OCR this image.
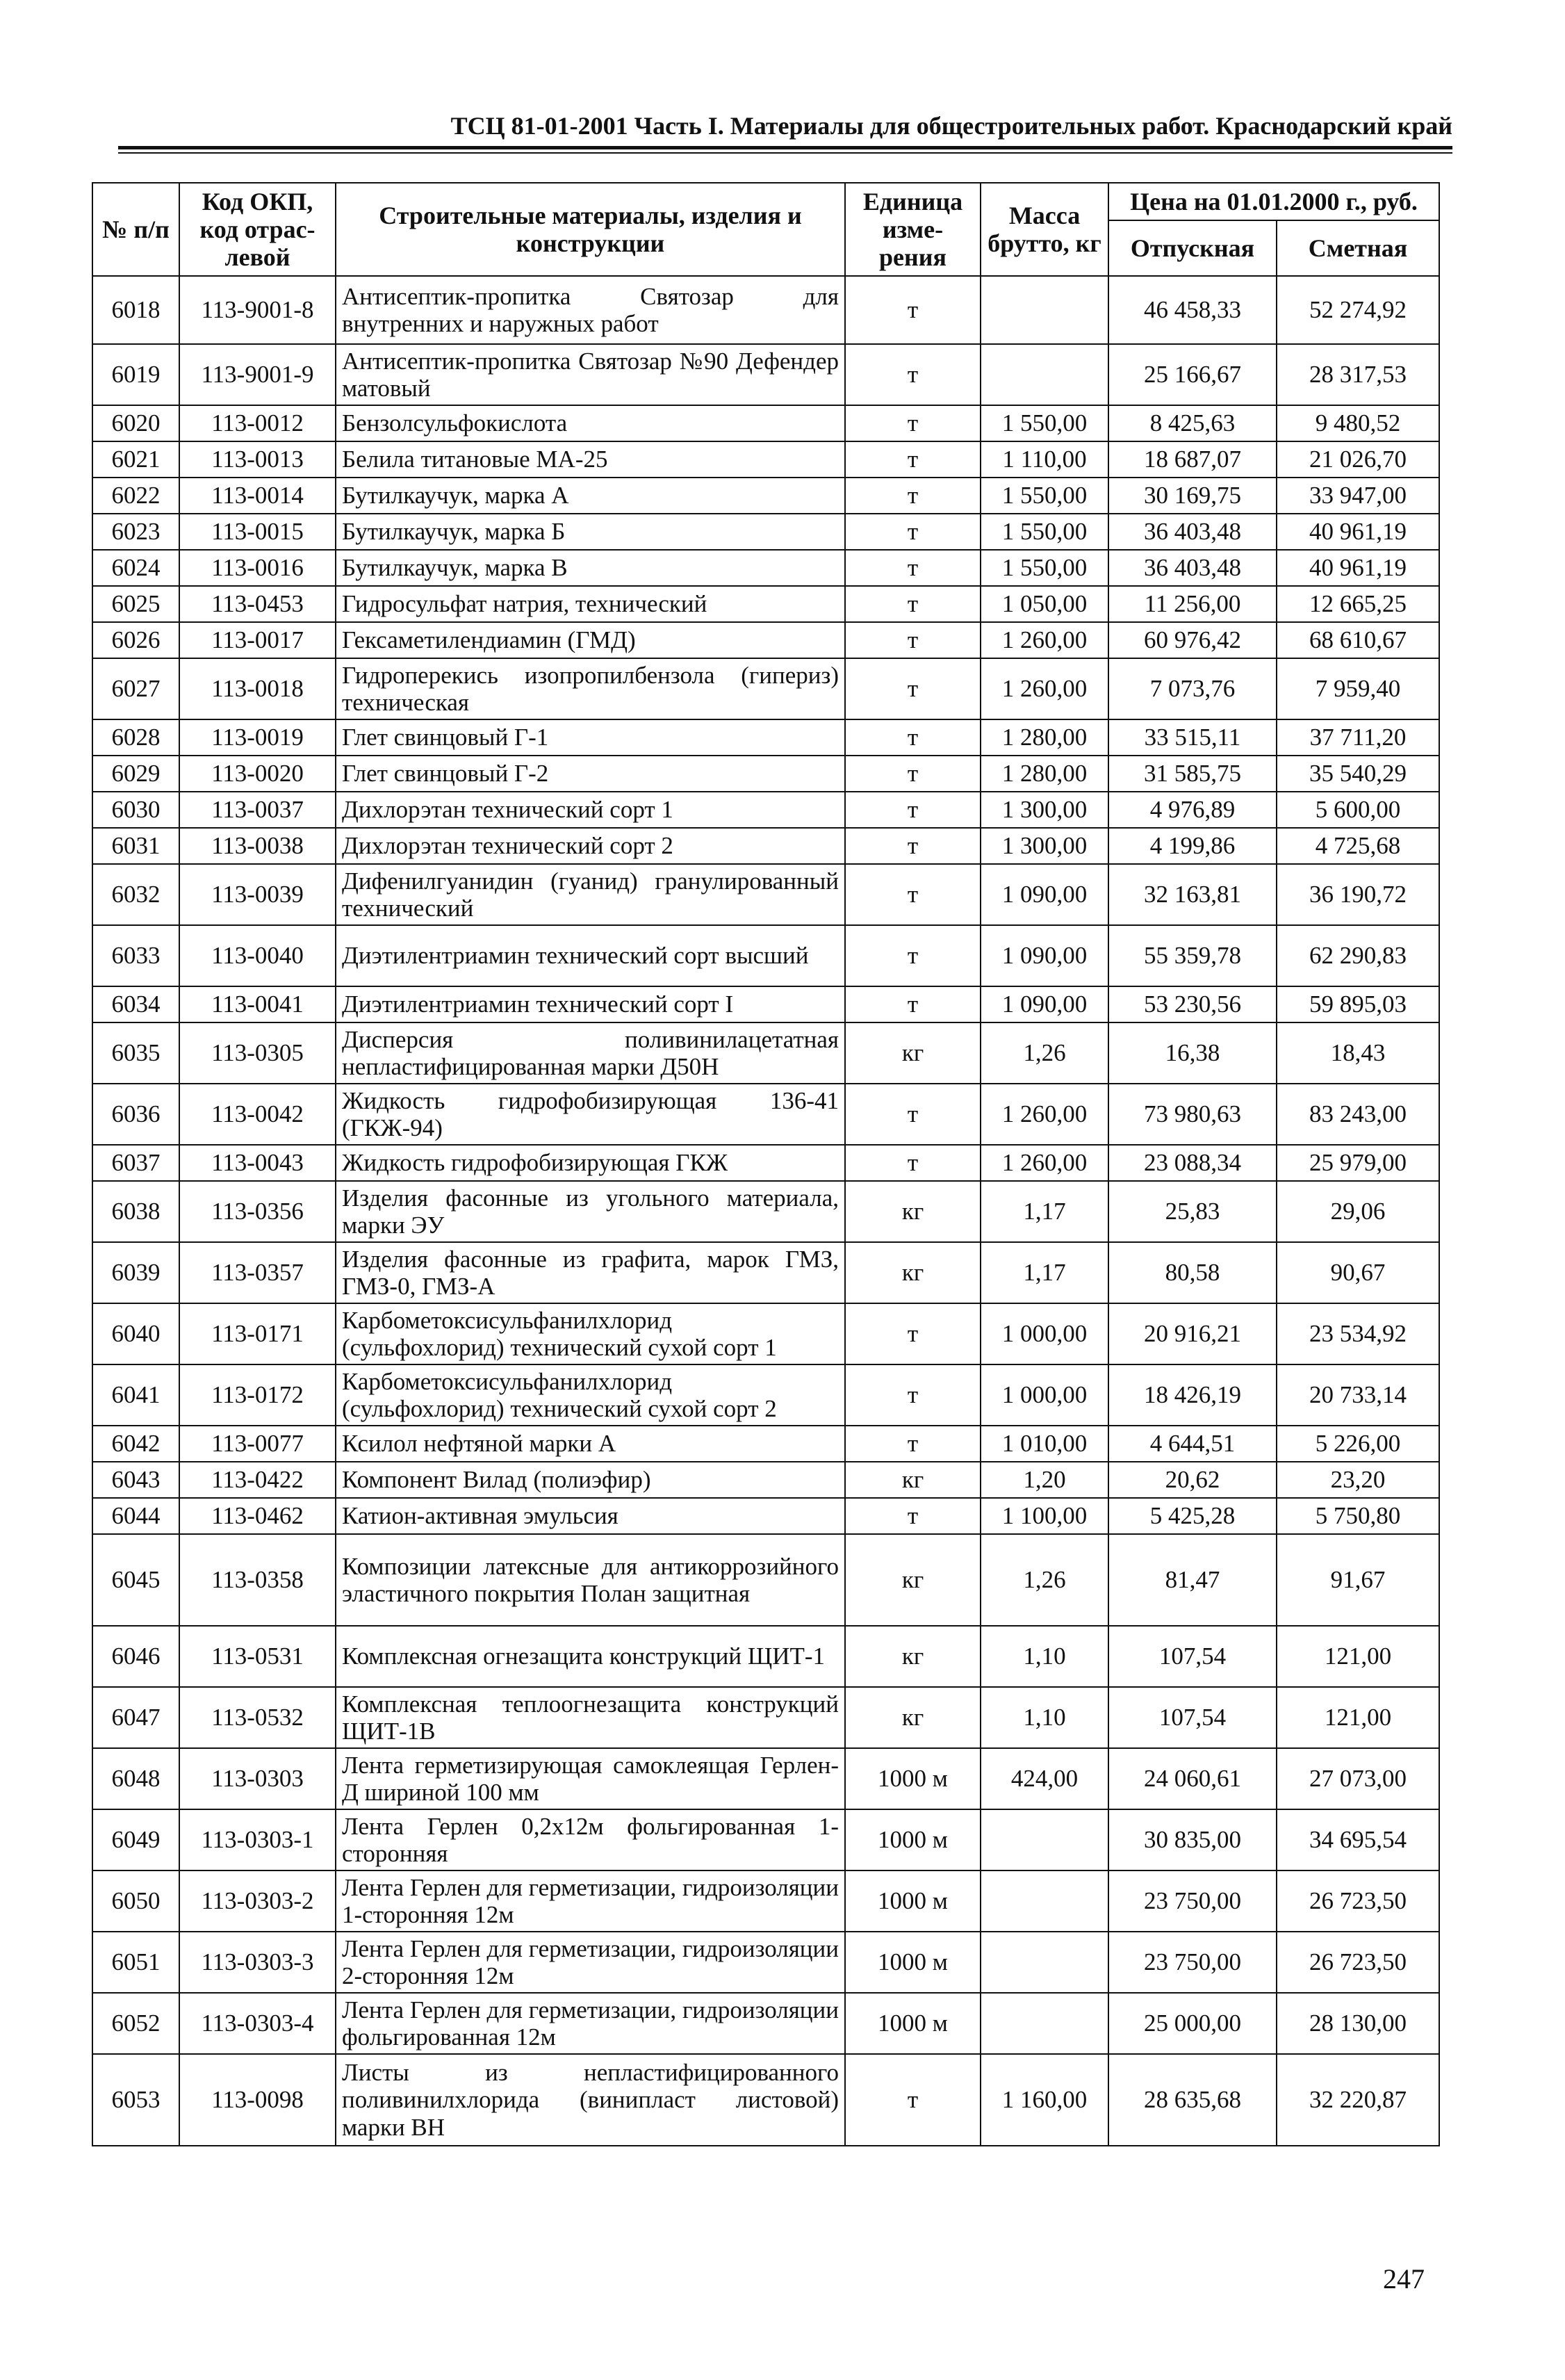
ТСЦ 81-01-2001 Часть I. Материалы для общестроительных работ. Краснодарский край
№ п/п	Код ОКП, код отрас-левой	Строительные материалы, изделия и конструкции	Единица изме-рения	Масса брутто, кг	Цена на 01.01.2000 г., руб.	
					Отпускная	Сметная
6018	113-9001-8	Антисептик-пропитка Святозар для внутренних и наружных работ	т		46 458,33	52 274,92
6019	113-9001-9	Антисептик-пропитка Святозар №90 Дефендер матовый	т		25 166,67	28 317,53
6020	113-0012	Бензолсульфокислота	т	1 550,00	8 425,63	9 480,52
6021	113-0013	Белила титановые МА-25	т	1 110,00	18 687,07	21 026,70
6022	113-0014	Бутилкаучук, марка А	т	1 550,00	30 169,75	33 947,00
6023	113-0015	Бутилкаучук, марка Б	т	1 550,00	36 403,48	40 961,19
6024	113-0016	Бутилкаучук, марка В	т	1 550,00	36 403,48	40 961,19
6025	113-0453	Гидросульфат натрия, технический	т	1 050,00	11 256,00	12 665,25
6026	113-0017	Гексаметилендиамин (ГМД)	т	1 260,00	60 976,42	68 610,67
6027	113-0018	Гидроперекись изопропилбензола (гипериз) техническая	т	1 260,00	7 073,76	7 959,40
6028	113-0019	Глет свинцовый Г-1	т	1 280,00	33 515,11	37 711,20
6029	113-0020	Глет свинцовый Г-2	т	1 280,00	31 585,75	35 540,29
6030	113-0037	Дихлорэтан технический сорт 1	т	1 300,00	4 976,89	5 600,00
6031	113-0038	Дихлорэтан технический сорт 2	т	1 300,00	4 199,86	4 725,68
6032	113-0039	Дифенилгуанидин (гуанид) гранулированный технический	т	1 090,00	32 163,81	36 190,72
6033	113-0040	Диэтилентриамин технический сорт высший	т	1 090,00	55 359,78	62 290,83
6034	113-0041	Диэтилентриамин технический сорт I	т	1 090,00	53 230,56	59 895,03
6035	113-0305	Дисперсия поливинилацетатная непластифицированная марки Д50Н	кг	1,26	16,38	18,43
6036	113-0042	Жидкость гидрофобизирующая 136-41 (ГКЖ-94)	т	1 260,00	73 980,63	83 243,00
6037	113-0043	Жидкость гидрофобизирующая ГКЖ	т	1 260,00	23 088,34	25 979,00
6038	113-0356	Изделия фасонные из угольного материала, марки ЭУ	кг	1,17	25,83	29,06
6039	113-0357	Изделия фасонные из графита, марок ГМЗ, ГМЗ-0, ГМЗ-А	кг	1,17	80,58	90,67
6040	113-0171	Карбометоксисульфанилхлорид (сульфохлорид) технический сухой сорт 1	т	1 000,00	20 916,21	23 534,92
6041	113-0172	Карбометоксисульфанилхлорид (сульфохлорид) технический сухой сорт 2	т	1 000,00	18 426,19	20 733,14
6042	113-0077	Ксилол нефтяной марки А	т	1 010,00	4 644,51	5 226,00
6043	113-0422	Компонент Вилад (полиэфир)	кг	1,20	20,62	23,20
6044	113-0462	Катион-активная эмульсия	т	1 100,00	5 425,28	5 750,80
6045	113-0358	Композиции латексные для антикоррозийного эластичного покрытия Полан защитная	кг	1,26	81,47	91,67
6046	113-0531	Комплексная огнезащита конструкций ЩИТ-1	кг	1,10	107,54	121,00
6047	113-0532	Комплексная теплоогнезащита конструкций ЩИТ-1В	кг	1,10	107,54	121,00
6048	113-0303	Лента герметизирующая самоклеящая Герлен-Д шириной 100 мм	1000 м	424,00	24 060,61	27 073,00
6049	113-0303-1	Лента Герлен 0,2х12м фольгированная 1-сторонняя	1000 м		30 835,00	34 695,54
6050	113-0303-2	Лента Герлен для герметизации, гидроизоляции 1-сторонняя 12м	1000 м		23 750,00	26 723,50
6051	113-0303-3	Лента Герлен для герметизации, гидроизоляции 2-сторонняя 12м	1000 м		23 750,00	26 723,50
6052	113-0303-4	Лента Герлен для герметизации, гидроизоляции фольгированная 12м	1000 м		25 000,00	28 130,00
6053	113-0098	Листы из непластифицированного поливинилхлорида (винипласт листовой) марки ВН	т	1 160,00	28 635,68	32 220,87
247
